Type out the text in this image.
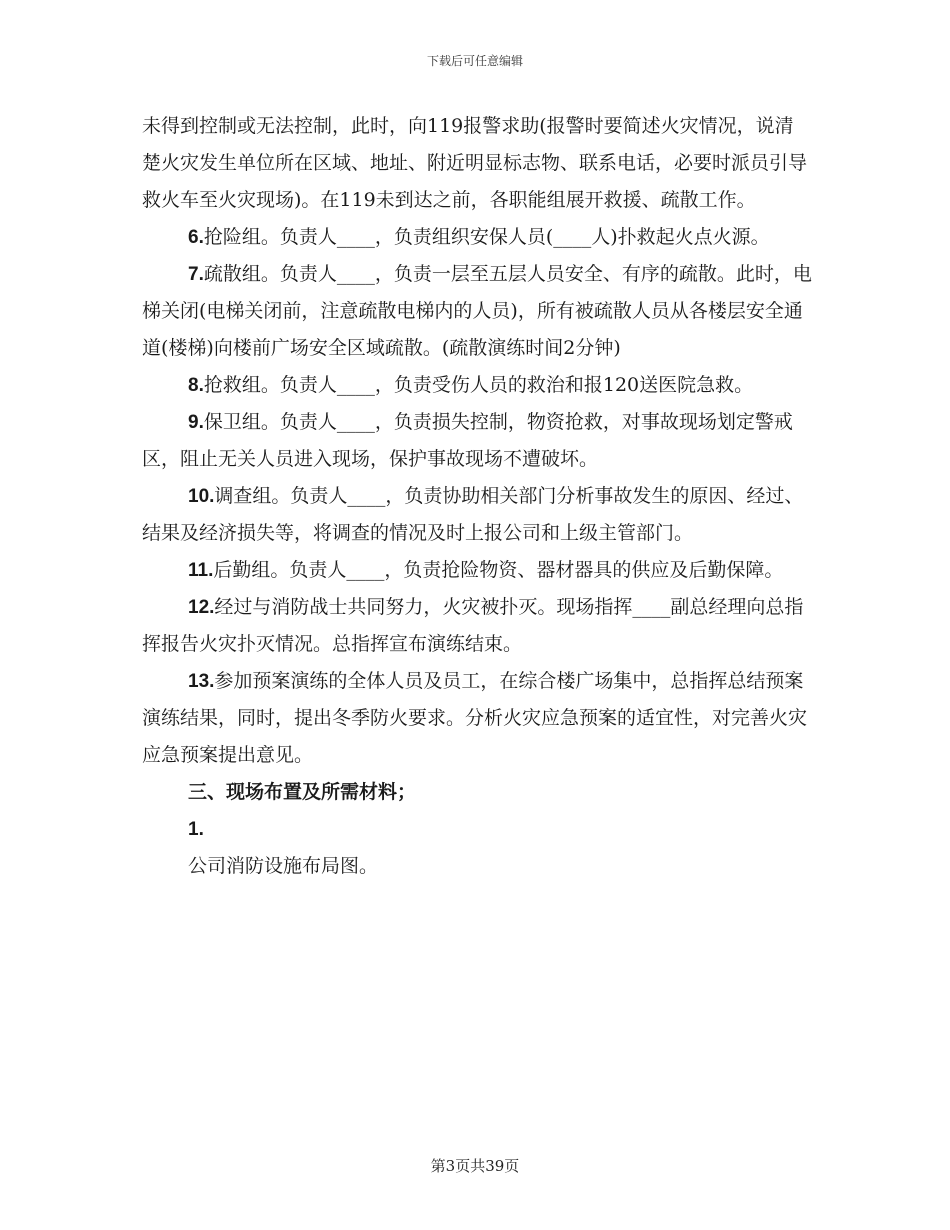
下载后可任意编辑

未得到控制或无法控制，此时，向119报警求助(报警时要简述火灾情况，说清楚火灾发生单位所在区域、地址、附近明显标志物、联系电话，必要时派员引导救火车至火灾现场)。在119未到达之前，各职能组展开救援、疏散工作。

6.抢险组。负责人____，负责组织安保人员(____人)扑救起火点火源。

7.疏散组。负责人____，负责一层至五层人员安全、有序的疏散。此时，电梯关闭(电梯关闭前，注意疏散电梯内的人员)，所有被疏散人员从各楼层安全通道(楼梯)向楼前广场安全区域疏散。(疏散演练时间2分钟)

8.抢救组。负责人____，负责受伤人员的救治和报120送医院急救。

9.保卫组。负责人____，负责损失控制，物资抢救，对事故现场划定警戒区，阻止无关人员进入现场，保护事故现场不遭破坏。

10.调查组。负责人____，负责协助相关部门分析事故发生的原因、经过、结果及经济损失等，将调查的情况及时上报公司和上级主管部门。

11.后勤组。负责人____，负责抢险物资、器材器具的供应及后勤保障。

12.经过与消防战士共同努力，火灾被扑灭。现场指挥____副总经理向总指挥报告火灾扑灭情况。总指挥宣布演练结束。

13.参加预案演练的全体人员及员工，在综合楼广场集中，总指挥总结预案演练结果，同时，提出冬季防火要求。分析火灾应急预案的适宜性，对完善火灾应急预案提出意见。

三、现场布置及所需材料；

1.

公司消防设施布局图。

第3页共39页
